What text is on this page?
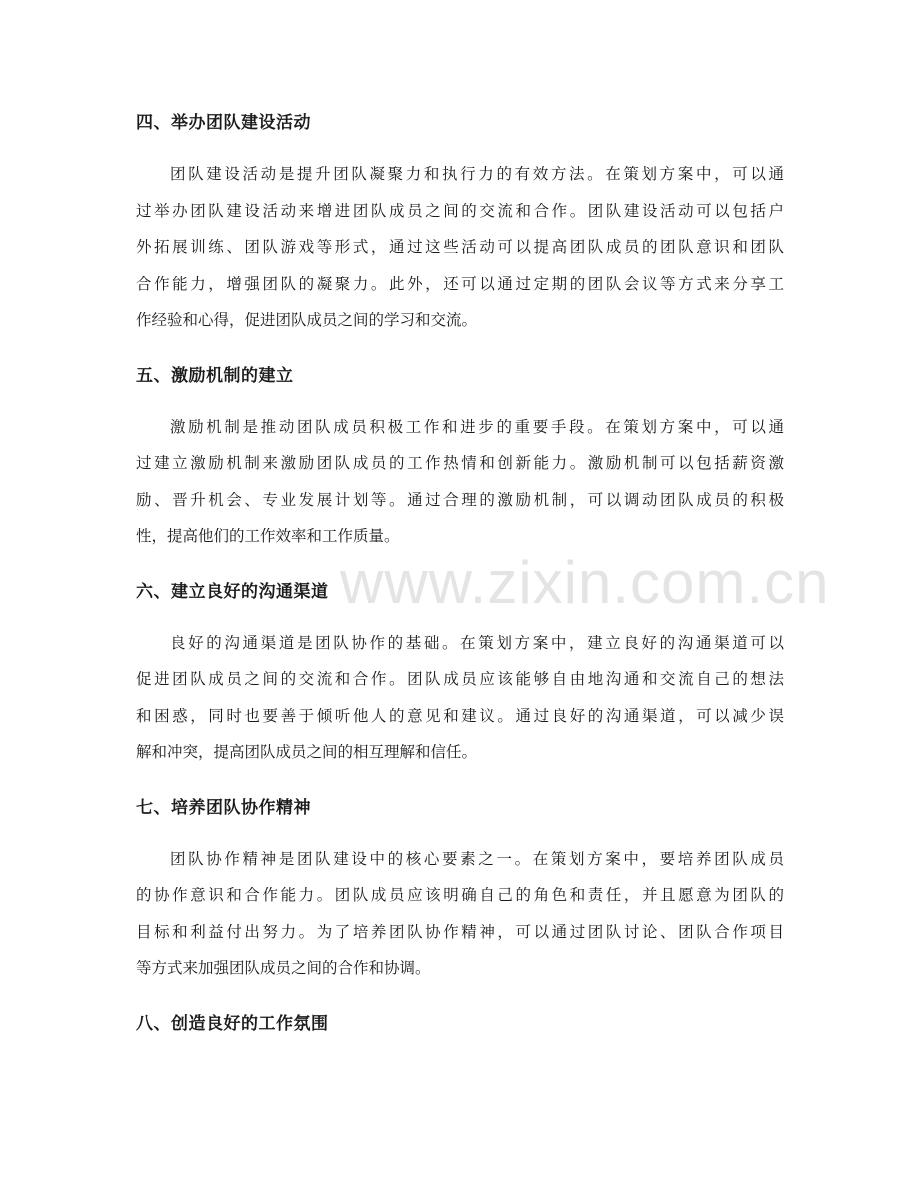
四、举办团队建设活动
团队建设活动是提升团队凝聚力和执行力的有效方法。在策划方案中，可以通
过举办团队建设活动来增进团队成员之间的交流和合作。团队建设活动可以包括户
外拓展训练、团队游戏等形式，通过这些活动可以提高团队成员的团队意识和团队
合作能力，增强团队的凝聚力。此外，还可以通过定期的团队会议等方式来分享工
作经验和心得，促进团队成员之间的学习和交流。
五、激励机制的建立
激励机制是推动团队成员积极工作和进步的重要手段。在策划方案中，可以通
过建立激励机制来激励团队成员的工作热情和创新能力。激励机制可以包括薪资激
励、晋升机会、专业发展计划等。通过合理的激励机制，可以调动团队成员的积极
性，提高他们的工作效率和工作质量。
六、建立良好的沟通渠道
良好的沟通渠道是团队协作的基础。在策划方案中，建立良好的沟通渠道可以
促进团队成员之间的交流和合作。团队成员应该能够自由地沟通和交流自己的想法
和困惑，同时也要善于倾听他人的意见和建议。通过良好的沟通渠道，可以减少误
解和冲突，提高团队成员之间的相互理解和信任。
七、培养团队协作精神
团队协作精神是团队建设中的核心要素之一。在策划方案中，要培养团队成员
的协作意识和合作能力。团队成员应该明确自己的角色和责任，并且愿意为团队的
目标和利益付出努力。为了培养团队协作精神，可以通过团队讨论、团队合作项目
等方式来加强团队成员之间的合作和协调。
八、创造良好的工作氛围
www.zixin.com.cn
